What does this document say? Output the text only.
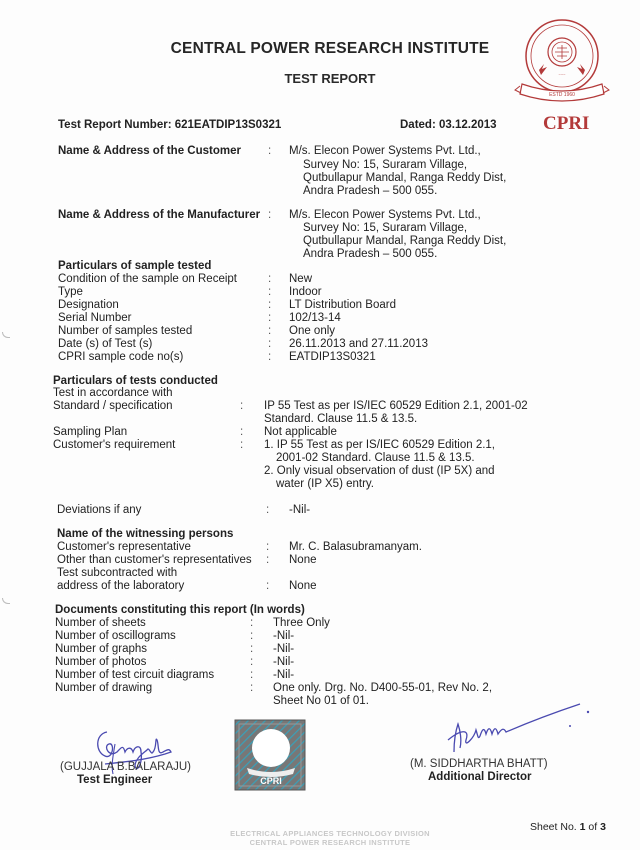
CENTRAL POWER RESEARCH INSTITUTE
TEST REPORT
ESTD 1960
~~~
CPRI
Test Report Number: 621EATDIP13S0321	Dated: 03.12.2013
Name & Address of the Customer : M/s. Elecon Power Systems Pvt. Ltd.,
Survey No: 15, Suraram Village,
Qutbullapur Mandal, Ranga Reddy Dist,
Andra Pradesh – 500 055.
Name & Address of the Manufacturer : M/s. Elecon Power Systems Pvt. Ltd.,
Survey No: 15, Suraram Village,
Qutbullapur Mandal, Ranga Reddy Dist,
Andra Pradesh – 500 055.
Particulars of sample tested
Condition of the sample on Receipt	: New
Type	: Indoor
Designation	: LT Distribution Board
Serial Number	: 102/13-14
Number of samples tested	: One only
Date (s) of Test (s)	: 26.11.2013 and 27.11.2013
CPRI sample code no(s)	: EATDIP13S0321
Particulars of tests conducted
Test in accordance with
Standard / specification	: IP 55 Test as per IS/IEC 60529 Edition 2.1, 2001-02
Standard. Clause 11.5 & 13.5.
Sampling Plan	: Not applicable
Customer's requirement	: 1. IP 55 Test as per IS/IEC 60529 Edition 2.1,
2001-02 Standard. Clause 11.5 & 13.5.
2. Only visual observation of dust (IP 5X) and
water (IP X5) entry.
Deviations if any	: -Nil-
Name of the witnessing persons
Customer's representative	: Mr. C. Balasubramanyam.
Other than customer's representatives : None
Test subcontracted with
address of the laboratory	: None
Documents constituting this report (In words)
Number of sheets	: Three Only
Number of oscillograms	: -Nil-
Number of graphs	: -Nil-
Number of photos	: -Nil-
Number of test circuit diagrams	: -Nil-
Number of drawing	: One only. Drg. No. D400-55-01, Rev No. 2,
Sheet No 01 of 01.
(GUJJALA B.BALARAJU)
Test Engineer	CPRI
(M. SIDDHARTHA BHATT)
Additional Director
ELECTRICAL APPLIANCES TECHNOLOGY DIVISION
CENTRAL POWER RESEARCH INSTITUTE
Sheet No. 1 of 3
